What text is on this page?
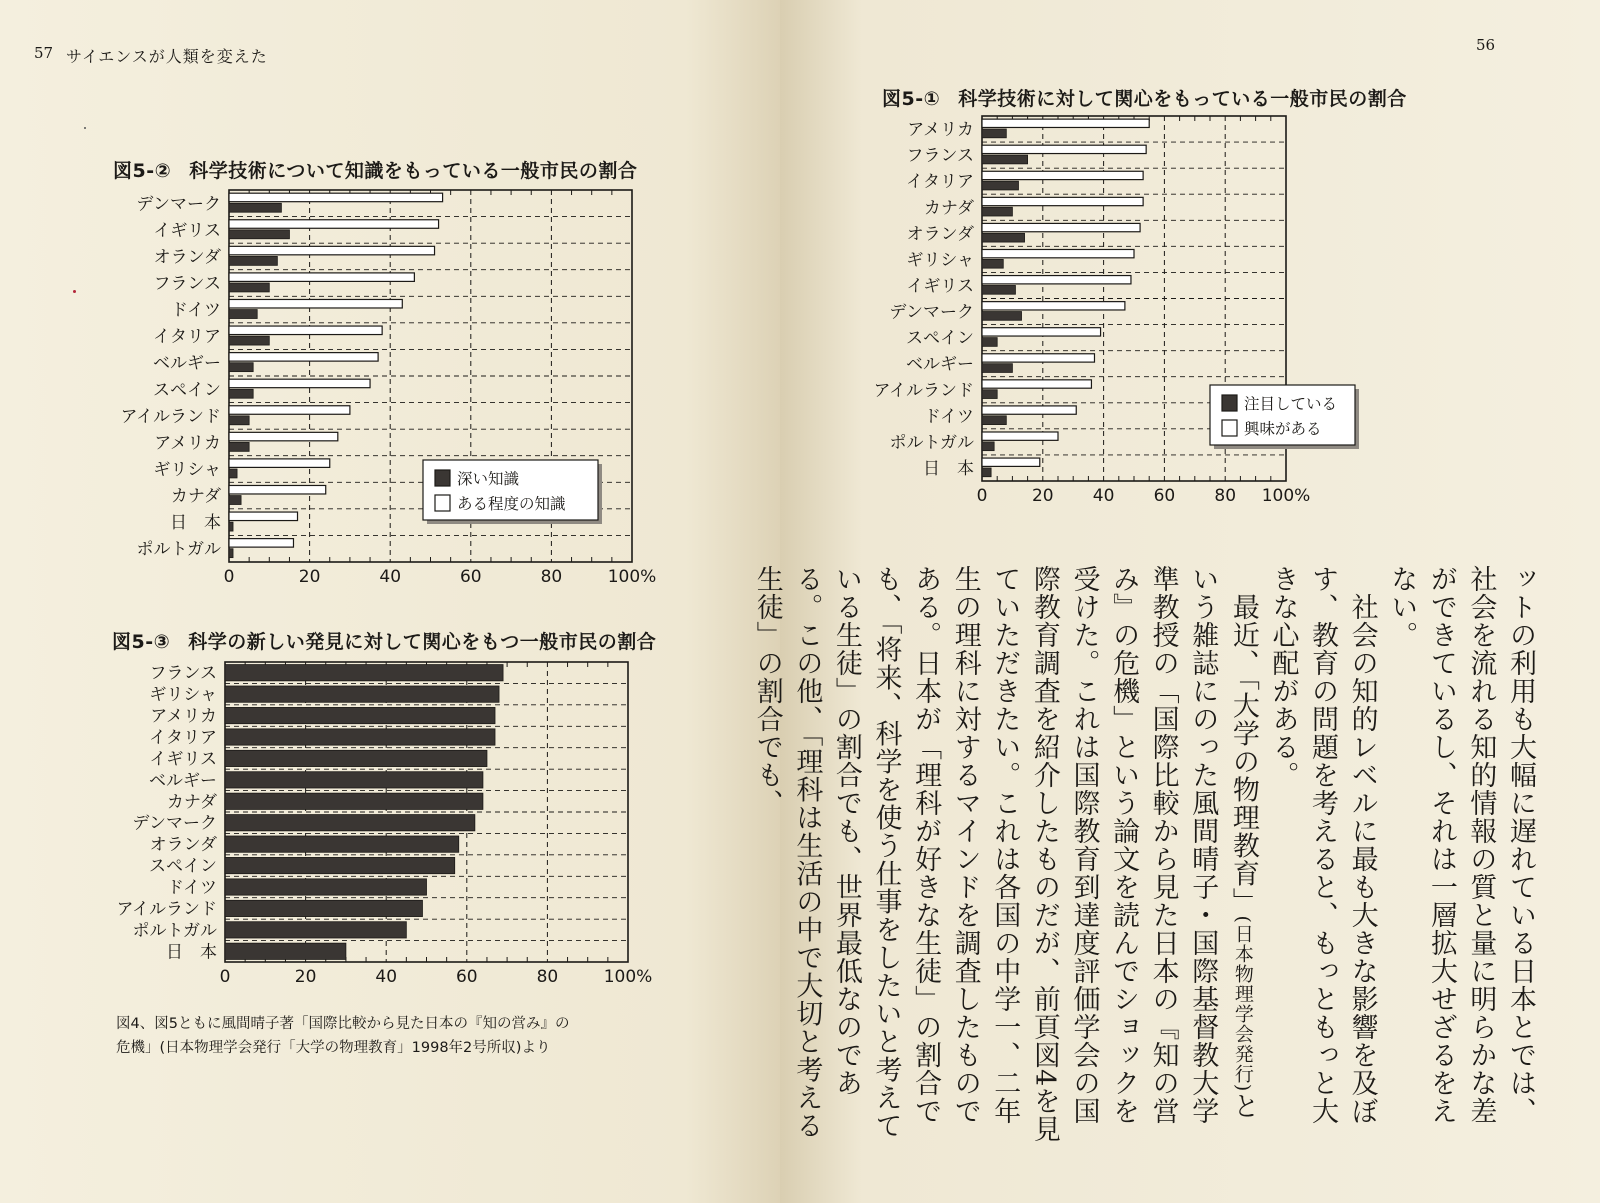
57 サイエンスが人類を変えた
図5-② 科学技術について知識をもっている一般市民の割合
0	20	40	60	80	100%
デンマーク
イギリス
オランダ
フランス
ドイツ
イタリア
ベルギー
スペイン
アイルランド
アメリカ
ギリシャ
カナダ
日　本
ポルトガル
深い知識
ある程度の知識
図5-③ 科学の新しい発見に対して関心をもつ一般市民の割合
0	20	40	60	80	100%
フランス
ギリシャ
アメリカ
イタリア
イギリス
ベルギー
カナダ
デンマーク
オランダ
スペイン
ドイツ
アイルランド
ポルトガル
日　本
図4、図5ともに風間晴子著「国際比較から見た日本の『知の営み』の
危機」(日本物理学会発行「大学の物理教育」1998年2号所収)より
56
図5-① 科学技術に対して関心をもっている一般市民の割合
0	20 40 60 80 100%
アメリカ
フランス
イタリア
カナダ
オランダ
ギリシャ
イギリス
デンマーク
スペイン
ベルギー
アイルランド
ドイツ
ポルトガル
日　本
注目している
興味がある

ットの利用も大幅に遅れている日本とでは、社会を流れる知的情報の質と量に明らかな差ができているし、それは一層拡大せざるをえない。

　社会の知的レベルに最も大きな影響を及ぼす、教育の問題を考えると、もっともっと大きな心配がある。

　最近、「大学の物理教育」(日本物理学会発行)という雑誌にのった風間晴子・国際基督教大学準教授の「国際比較から見た日本の『知の営み』の危機」という論文を読んでショックを受けた。これは国際教育到達度評価学会の国際教育調査を紹介したものだが、前頁図4を見ていただきたい。これは各国の中学一、二年生の理科に対するマインドを調査したものである。日本が「理科が好きな生徒」の割合でも、「将来、科学を使う仕事をしたいと考えている生徒」の割合でも、世界最低なのである。この他、「理科は生活の中で大切と考える生徒」の割合でも、
